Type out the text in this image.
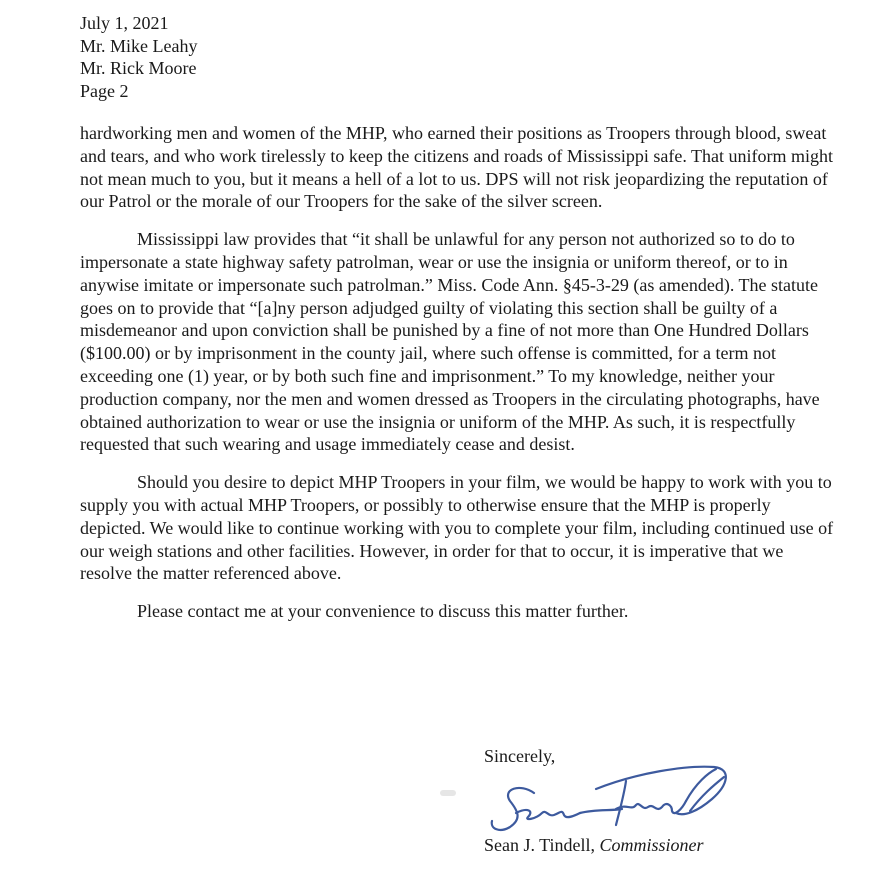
July 1, 2021
Mr. Mike Leahy
Mr. Rick Moore
Page 2

hardworking men and women of the MHP, who earned their positions as Troopers through blood, sweat and tears, and who work tirelessly to keep the citizens and roads of Mississippi safe. That uniform might not mean much to you, but it means a hell of a lot to us. DPS will not risk jeopardizing the reputation of our Patrol or the morale of our Troopers for the sake of the silver screen.

Mississippi law provides that “it shall be unlawful for any person not authorized so to do to impersonate a state highway safety patrolman, wear or use the insignia or uniform thereof, or to in anywise imitate or impersonate such patrolman.” Miss. Code Ann. §45-3-29 (as amended). The statute goes on to provide that “[a]ny person adjudged guilty of violating this section shall be guilty of a misdemeanor and upon conviction shall be punished by a fine of not more than One Hundred Dollars ($100.00) or by imprisonment in the county jail, where such offense is committed, for a term not exceeding one (1) year, or by both such fine and imprisonment.” To my knowledge, neither your production company, nor the men and women dressed as Troopers in the circulating photographs, have obtained authorization to wear or use the insignia or uniform of the MHP. As such, it is respectfully requested that such wearing and usage immediately cease and desist.

Should you desire to depict MHP Troopers in your film, we would be happy to work with you to supply you with actual MHP Troopers, or possibly to otherwise ensure that the MHP is properly depicted. We would like to continue working with you to complete your film, including continued use of our weigh stations and other facilities. However, in order for that to occur, it is imperative that we resolve the matter referenced above.

Please contact me at your convenience to discuss this matter further.

Sincerely,
Sean J. Tindell, Commissioner
